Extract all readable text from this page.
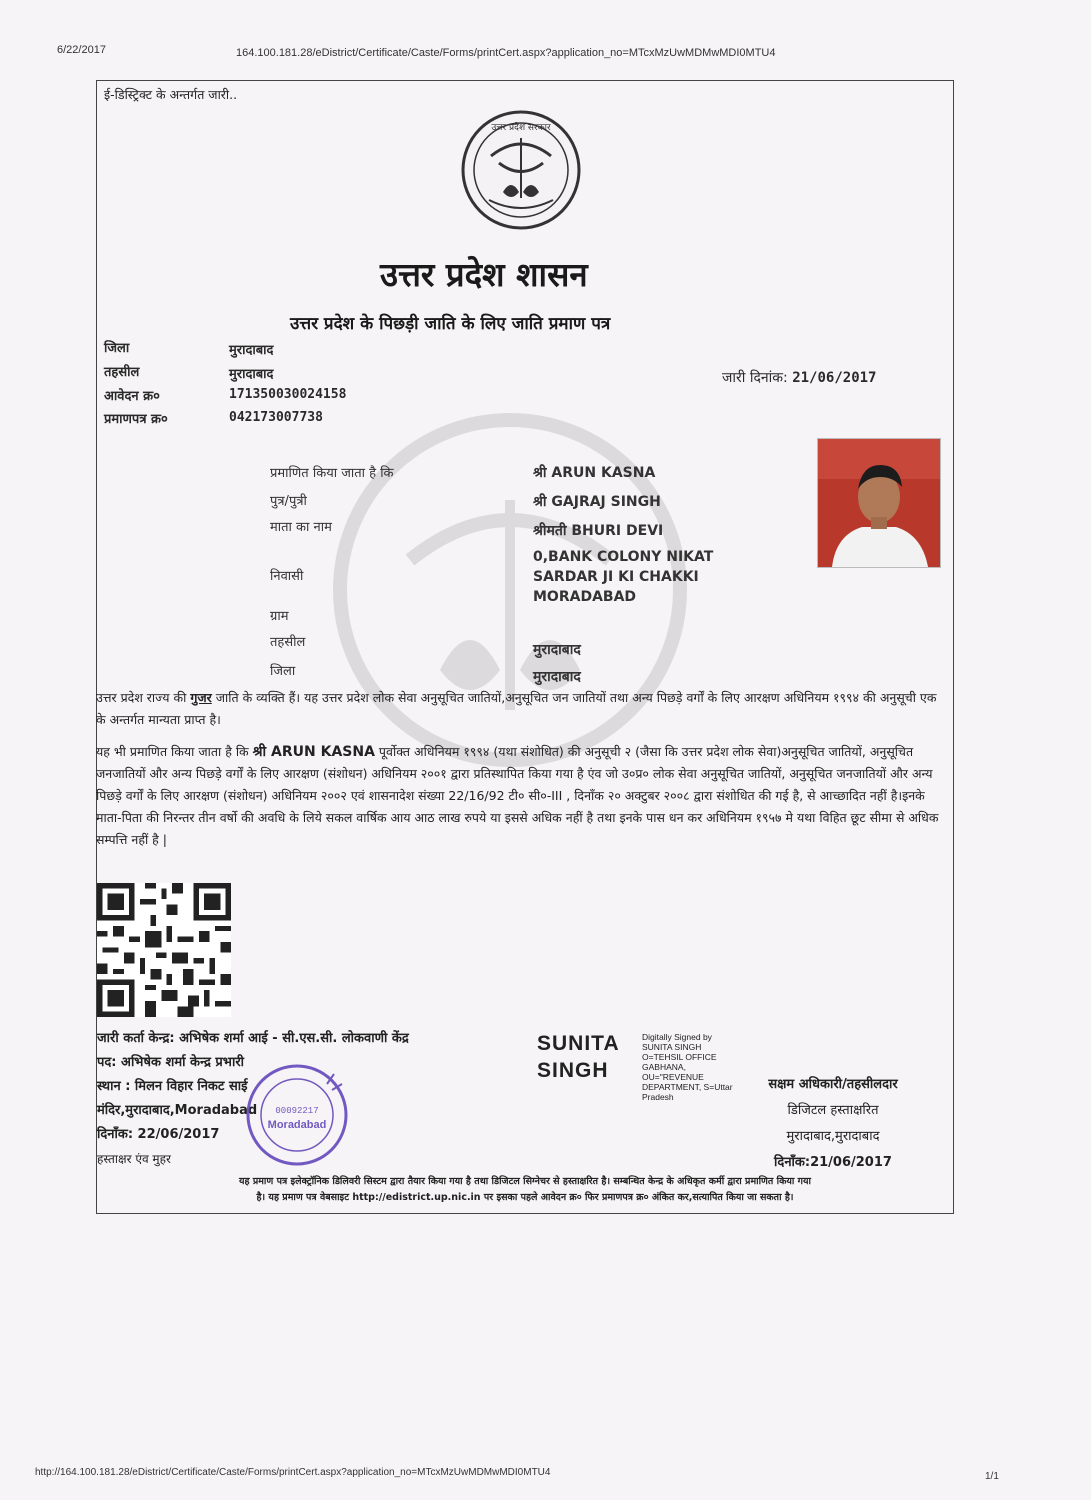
6/22/2017	164.100.181.28/eDistrict/Certificate/Caste/Forms/printCert.aspx?application_no=MTcxMzUwMDMwMDI0MTU4
ई-डिस्ट्रिक्ट के अन्तर्गत जारी..
उत्तर प्रदेश सरकार
उत्तर प्रदेश शासन
उत्तर प्रदेश के पिछड़ी जाति के लिए जाति प्रमाण पत्र
जिला	मुरादाबाद
तहसील	मुरादाबाद
आवेदन क्र०	171350030024158
प्रमाणपत्र क्र०	042173007738
जारी दिनांक: 21/06/2017
प्रमाणित किया जाता है कि	श्री ARUN KASNA
पुत्र/पुत्री	श्री GAJRAJ SINGH
माता का नाम	श्रीमती BHURI DEVI
निवासी
0,BANK COLONY NIKAT
SARDAR JI KI CHAKKI
MORADABAD
ग्राम
तहसील	मुरादाबाद
जिला	मुरादाबाद
उत्तर प्रदेश राज्य की गुजर जाति के व्यक्ति हैं। यह उत्तर प्रदेश लोक सेवा अनुसूचित जातियों,अनुसूचित जन जातियों तथा अन्य पिछड़े वर्गों के लिए आरक्षण अधिनियम १९९४ की अनुसूची एक के अन्तर्गत मान्यता प्राप्त है।
यह भी प्रमाणित किया जाता है कि श्री ARUN KASNA पूर्वोक्त अधिनियम १९९४ (यथा संशोधित) की अनुसूची २ (जैसा कि उत्तर प्रदेश लोक सेवा)अनुसूचित जातियों, अनुसूचित जनजातियों और अन्य पिछड़े वर्गों के लिए आरक्षण (संशोधन) अधिनियम २००१ द्वारा प्रतिस्थापित किया गया है एंव जो उ०प्र० लोक सेवा अनुसूचित जातियों, अनुसूचित जनजातियों और अन्य पिछड़े वर्गों के लिए आरक्षण (संशोधन) अधिनियम २००२ एवं शासनादेश संख्या 22/16/92 टी० सी०-III , दिनाँक २० अक्टुबर २००८ द्वारा संशोधित की गई है, से आच्छादित नहीं है।इनके माता-पिता की निरन्तर तीन वर्षो की अवधि के लिये सकल वार्षिक आय आठ लाख रुपये या इससे अधिक नहीं है तथा इनके पास धन कर अधिनियम १९५७ मे यथा विहित छूट सीमा से अधिक सम्पत्ति नहीं है |
जारी कर्ता केन्द्र: अभिषेक शर्मा आई - सी.एस.सी. लोकवाणी केंद्र
पद: अभिषेक शर्मा केन्द्र प्रभारी
स्थान : मिलन विहार निकट साई
मंदिर,मुरादाबाद,Moradabad
दिनाँक: 22/06/2017
हस्ताक्षर एंव मुहर
00092217
Moradabad
SUNITA
SINGH
Digitally Signed by
SUNITA SINGH
O=TEHSIL OFFICE
GABHANA,
OU="REVENUE
DEPARTMENT, S=Uttar
Pradesh
सक्षम अधिकारी/तहसीलदार
डिजिटल हस्ताक्षरित
मुरादाबाद,मुरादाबाद
दिनाँक:21/06/2017
यह प्रमाण पत्र इलेक्ट्रॉनिक डिलिवरी सिस्टम द्वारा तैयार किया गया है तथा डिजिटल सिग्नेचर से हस्ताक्षरित है। सम्बन्धित केन्द्र के अधिकृत कर्मी द्वारा प्रमाणित किया गया
है। यह प्रमाण पत्र वेबसाइट http://edistrict.up.nic.in पर इसका पहले आवेदन क्र० फिर प्रमाणपत्र क्र० अंकित कर,सत्यापित किया जा सकता है।
http://164.100.181.28/eDistrict/Certificate/Caste/Forms/printCert.aspx?application_no=MTcxMzUwMDMwMDI0MTU4	1/1
